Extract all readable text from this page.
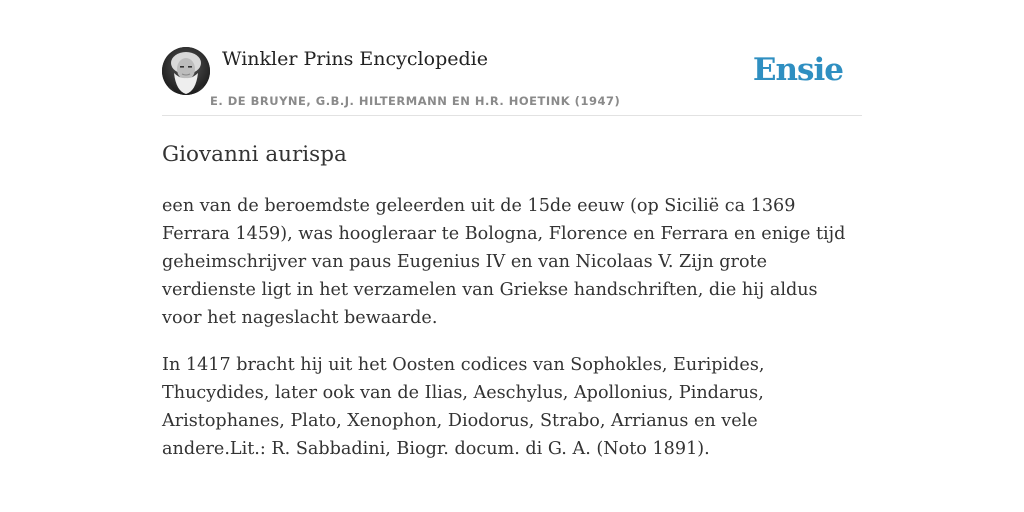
Winkler Prins Encyclopedie
E. DE BRUYNE, G.B.J. HILTERMANN EN H.R. HOETINK (1947)
Ensie
Giovanni aurispa

een van de beroemdste geleerden uit de 15de eeuw (op Sicilië ca 1369 Ferrara 1459), was hoogleraar te Bologna, Florence en Ferrara en enige tijd geheimschrijver van paus Eugenius IV en van Nicolaas V. Zijn grote verdienste ligt in het verzamelen van Griekse handschriften, die hij aldus voor het nageslacht bewaarde.

In 1417 bracht hij uit het Oosten codices van Sophokles, Euripides, Thucydides, later ook van de Ilias, Aeschylus, Apollonius, Pindarus, Aristophanes, Plato, Xenophon, Diodorus, Strabo, Arrianus en vele andere.Lit.: R. Sabbadini, Biogr. docum. di G. A. (Noto 1891).
